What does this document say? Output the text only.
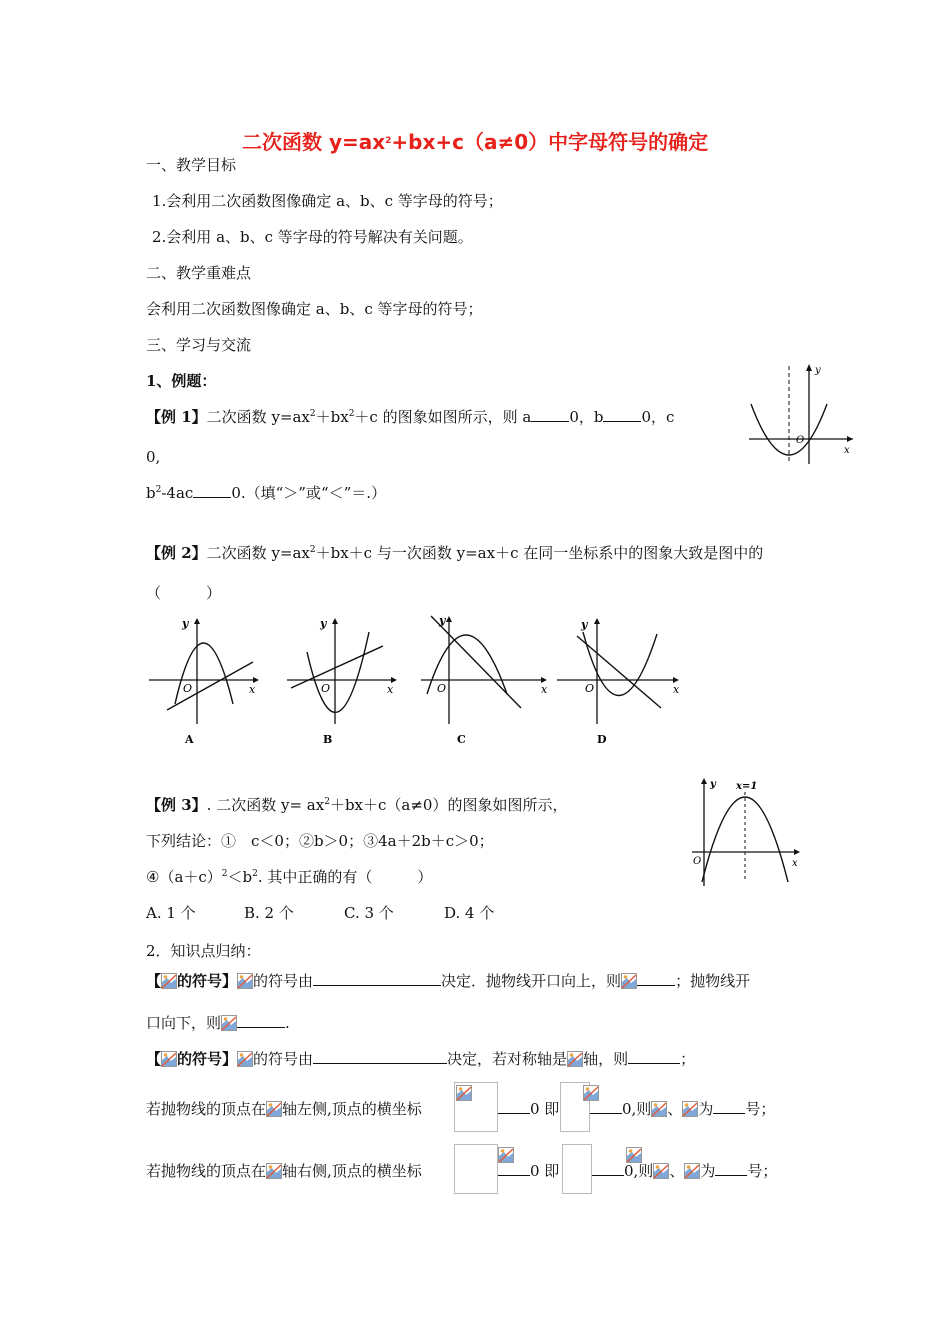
二次函数 $y=ax^2+bx+c(a\ne 0)$中字母符号的确定
一、教学目标
1.会利用二次函数图像确定 a、b、c 等字母的符号；
2.会利用 a、b、c 等字母的符号解决有关问题。
二、教学重难点
会利用二次函数图像确定 a、b、c 等字母的符号；
三、学习与交流
1、例题：
【例 1】二次函数 $y=ax^2+bx^2+c$ 的图象如图所示，则 a	0，b	0，c
0,
$b^2-4ac$	0.（填“＞”或“＜”＝.）
y
x
O
【例 2】二次函数 $y=ax^2+bx+c$ 与一次函数 y=ax＋c 在同一坐标系中的图象大致是图中的
（　　　）
y
x
O
A
y
x
O
B
y
x
O
C
y
x
O
D
【例 3】. 二次函数 $y= ax^2+bx+c(a\ne 0)$的图象如图所示，
下列结论：①　c＜0；②b＞0；③4a＋2b＋c＞0；
$④(a+c)^2<b^2$. 其中正确的有（　　　）
A. 1 个	B. 2 个	C. 3 个	D. 4 个
y
x
O
x=1
2．知识点归纳：
【 的符号】 的符号由	决定．抛物线开口向上，则	；抛物线开
口向下，则	.
【 的符号】 的符号由	决定，若对称轴是 轴，则	；
若抛物线的顶点在 轴左侧,顶点的横坐标
	0 即
	0,则 、 为 号；
若抛物线的顶点在 轴右侧,顶点的横坐标
	0 即	0,则 、 为 号；
